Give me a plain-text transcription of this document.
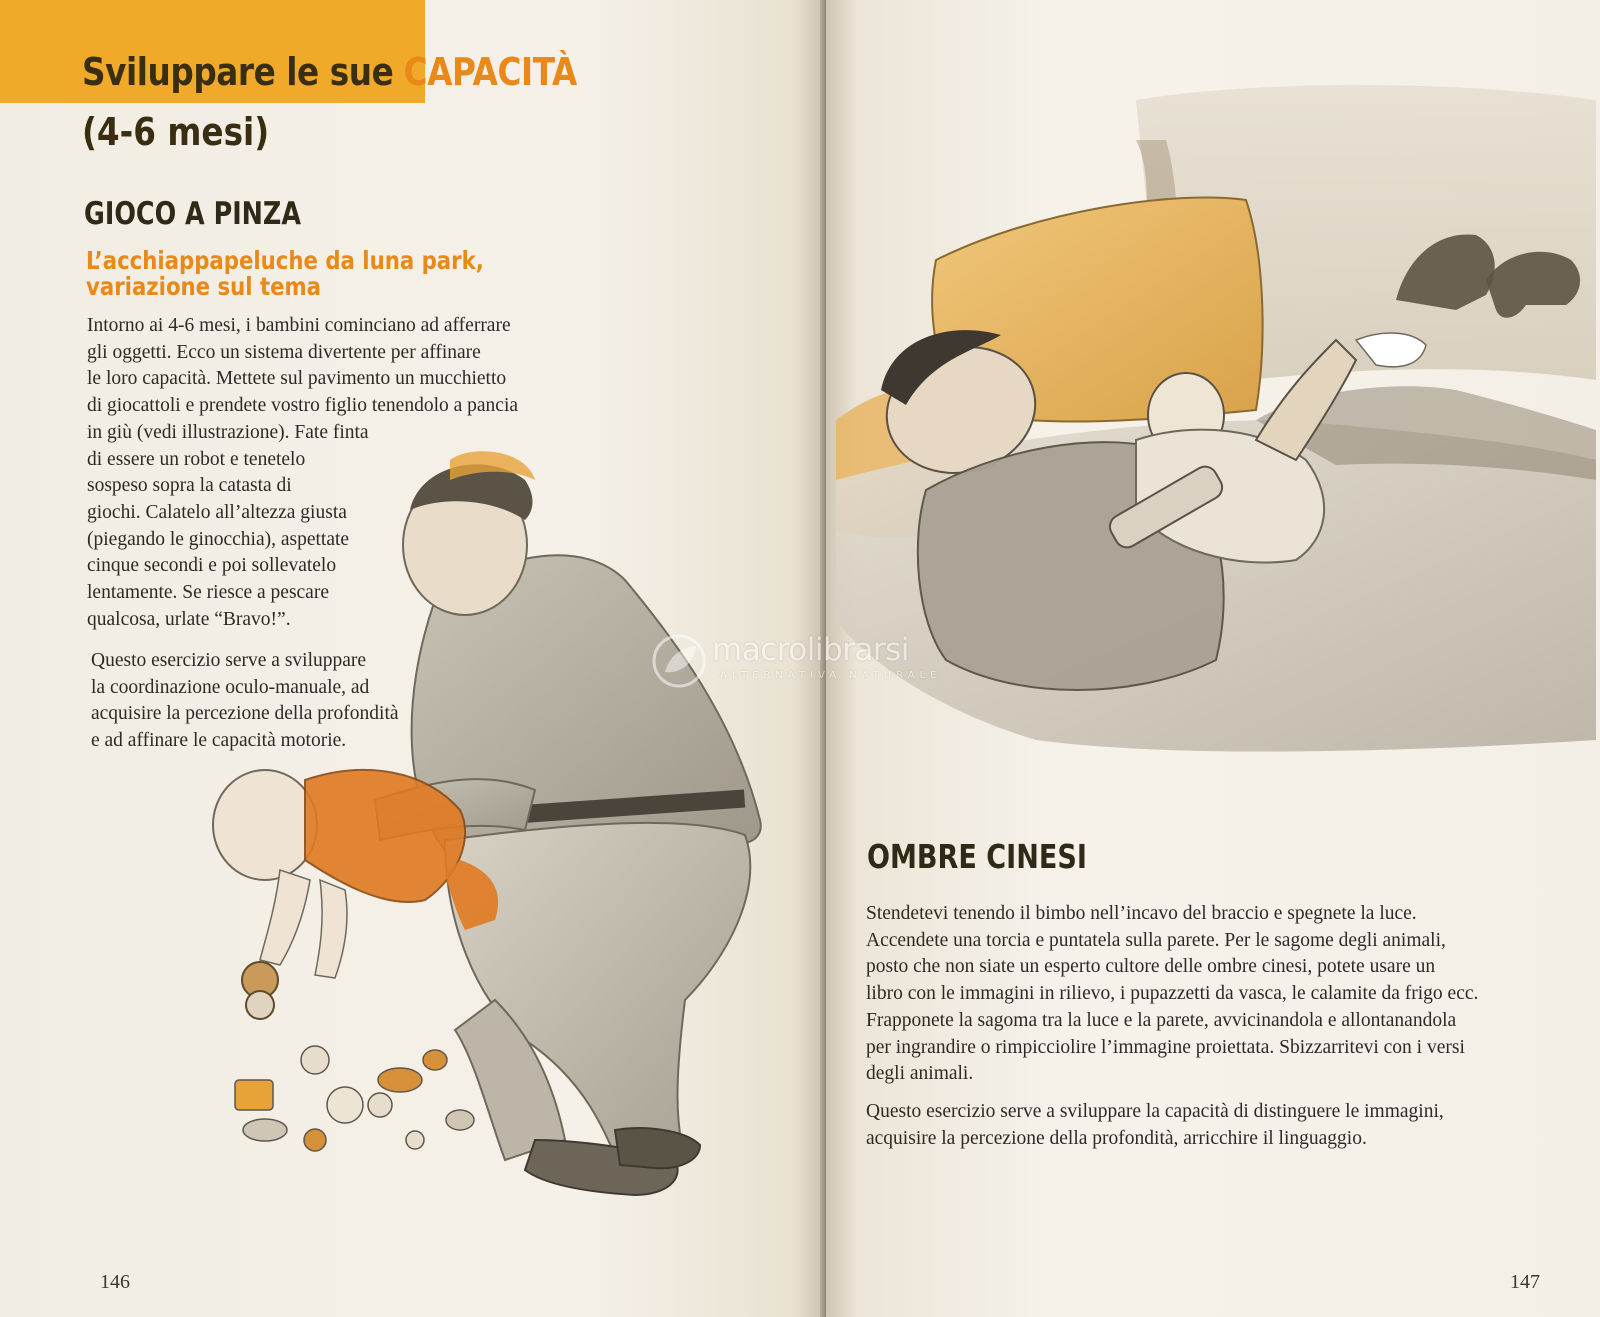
Sviluppare le sue CAPACITÀ
(4-6 mesi)
GIOCO A PINZA
L’acchiappapeluche da luna park,
variazione sul tema
Intorno ai 4-6 mesi, i bambini cominciano ad afferrare
gli oggetti. Ecco un sistema divertente per affinare
le loro capacità. Mettete sul pavimento un mucchietto
di giocattoli e prendete vostro figlio tenendolo a pancia
in giù (vedi illustrazione). Fate finta
di essere un robot e tenetelo
sospeso sopra la catasta di
giochi. Calatelo all’altezza giusta
(piegando le ginocchia), aspettate
cinque secondi e poi sollevatelo
lentamente. Se riesce a pescare
qualcosa, urlate “Bravo!”.
Questo esercizio serve a sviluppare
la coordinazione oculo-manuale, ad
acquisire la percezione della profondità
e ad affinare le capacità motorie.
146
OMBRE CINESI
Stendetevi tenendo il bimbo nell’incavo del braccio e spegnete la luce.
Accendete una torcia e puntatela sulla parete. Per le sagome degli animali,
posto che non siate un esperto cultore delle ombre cinesi, potete usare un
libro con le immagini in rilievo, i pupazzetti da vasca, le calamite da frigo ecc.
Frapponete la sagoma tra la luce e la parete, avvicinandola e allontanandola
per ingrandire o rimpicciolire l’immagine proiettata. Sbizzarritevi con i versi
degli animali.
Questo esercizio serve a sviluppare la capacità di distinguere le immagini,
acquisire la percezione della profondità, arricchire il linguaggio.
147
macrolibrarsi
ALTERNATIVA NATURALE
